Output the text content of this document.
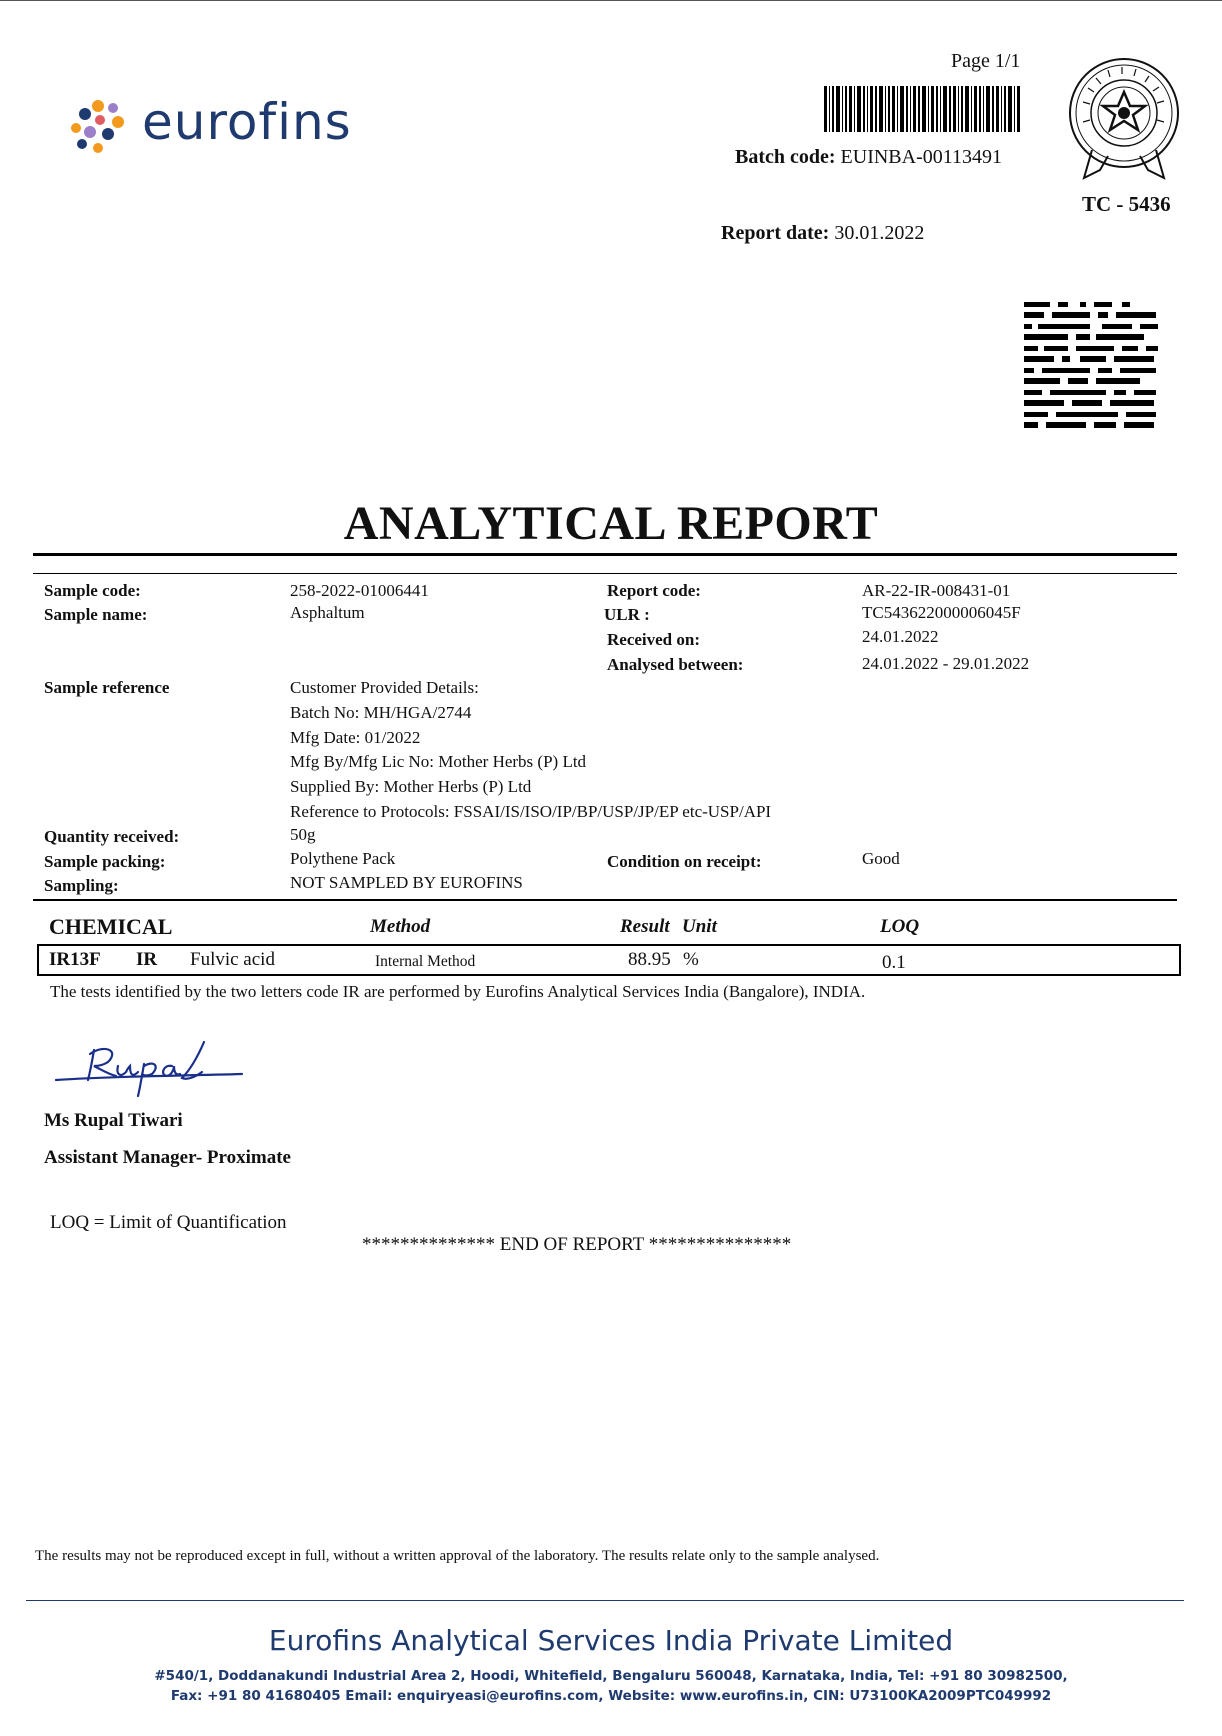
eurofins
Page 1/1
Batch code: EUINBA-00113491
TC - 5436
Report date: 30.01.2022
ANALYTICAL REPORT
Sample code:	258-2022-01006441	Report code:	AR-22-IR-008431-01
Sample name:	Asphaltum	ULR :	TC543622000006045F
Received on:	24.01.2022
Analysed between:	24.01.2022 - 29.01.2022
Sample reference	Customer Provided Details:
Batch No: MH/HGA/2744
Mfg Date: 01/2022
Mfg By/Mfg Lic No: Mother Herbs (P) Ltd
Supplied By: Mother Herbs (P) Ltd
Reference to Protocols: FSSAI/IS/ISO/IP/BP/USP/JP/EP etc-USP/API
Quantity received:	50g
Sample packing:	Polythene Pack	Condition on receipt:	Good
Sampling:	NOT SAMPLED BY EUROFINS
CHEMICAL	Method	Result Unit	LOQ
IR13F IR Fulvic acid	Internal Method	88.95 %	0.1
The tests identified by the two letters code IR are performed by Eurofins Analytical Services India (Bangalore), INDIA.
Ms Rupal Tiwari
Assistant Manager- Proximate
LOQ = Limit of Quantification
************** END OF REPORT ***************
The results may not be reproduced except in full, without a written approval of the laboratory. The results relate only to the sample analysed.
Eurofins Analytical Services India Private Limited
#540/1, Doddanakundi Industrial Area 2, Hoodi, Whitefield, Bengaluru 560048, Karnataka, India, Tel: +91 80 30982500,
Fax: +91 80 41680405 Email: enquiryeasi@eurofins.com, Website: www.eurofins.in, CIN: U73100KA2009PTC049992
